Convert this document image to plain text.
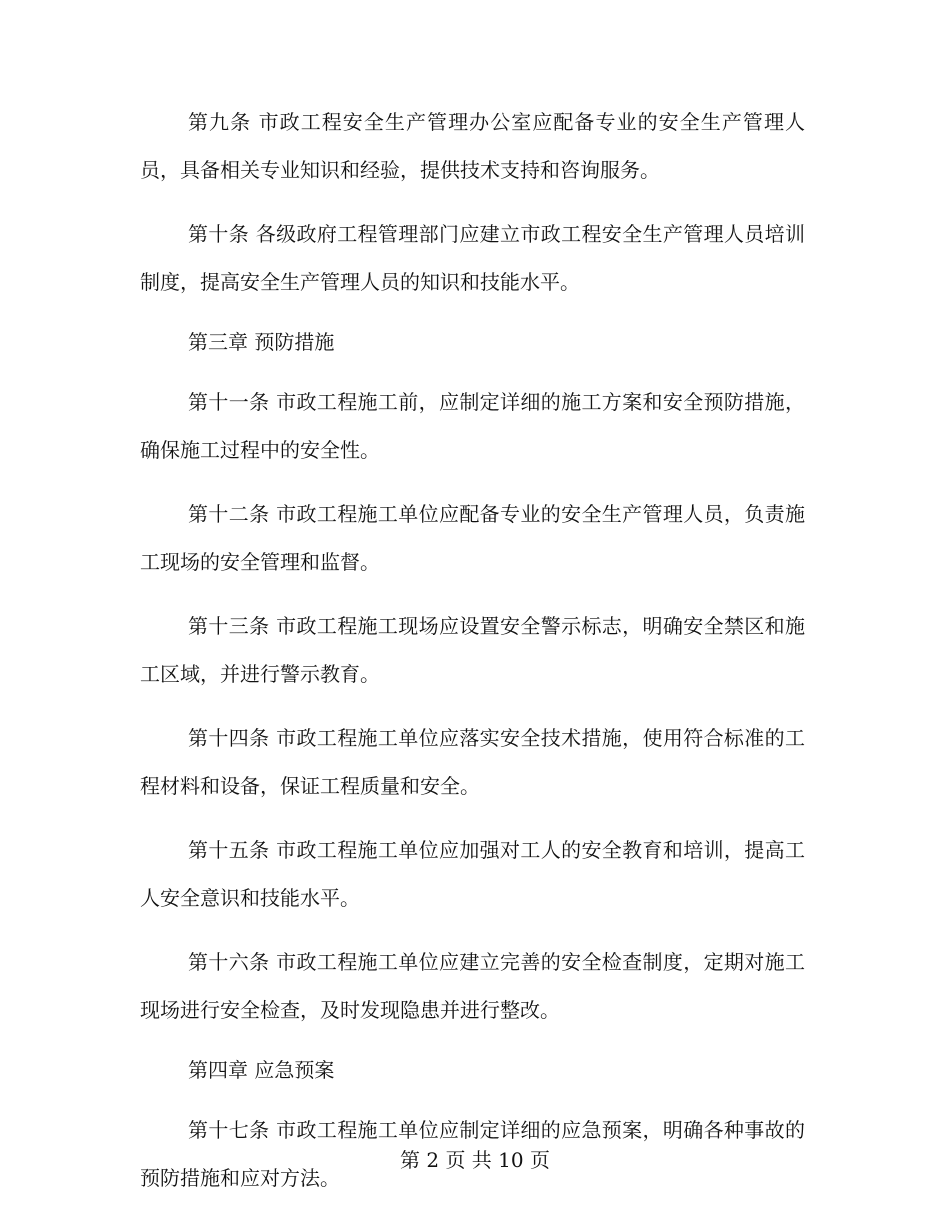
第九条 市政工程安全生产管理办公室应配备专业的安全生产管理人员，具备相关专业知识和经验，提供技术支持和咨询服务。

第十条 各级政府工程管理部门应建立市政工程安全生产管理人员培训制度，提高安全生产管理人员的知识和技能水平。

第三章 预防措施

第十一条 市政工程施工前，应制定详细的施工方案和安全预防措施，确保施工过程中的安全性。

第十二条 市政工程施工单位应配备专业的安全生产管理人员，负责施工现场的安全管理和监督。

第十三条 市政工程施工现场应设置安全警示标志，明确安全禁区和施工区域，并进行警示教育。

第十四条 市政工程施工单位应落实安全技术措施，使用符合标准的工程材料和设备，保证工程质量和安全。

第十五条 市政工程施工单位应加强对工人的安全教育和培训，提高工人安全意识和技能水平。

第十六条 市政工程施工单位应建立完善的安全检查制度，定期对施工现场进行安全检查，及时发现隐患并进行整改。

第四章 应急预案

第十七条 市政工程施工单位应制定详细的应急预案，明确各种事故的预防措施和应对方法。

第 2 页 共 10 页
